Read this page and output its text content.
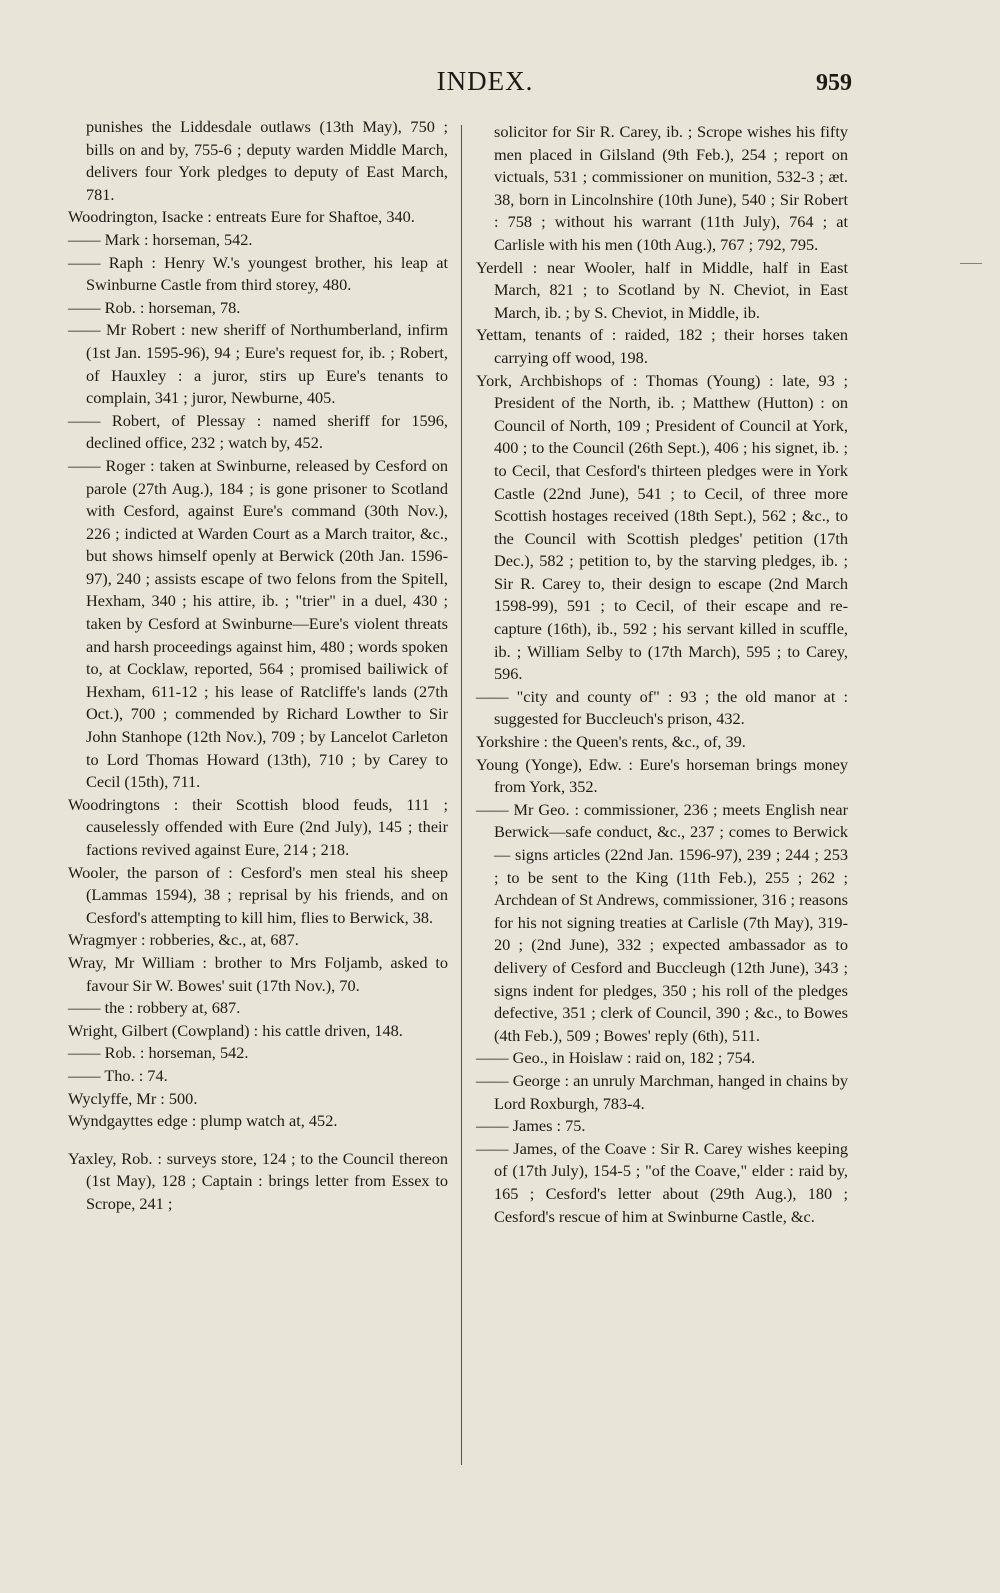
INDEX.	959
punishes the Liddesdale outlaws (13th May), 750 ; bills on and by, 755-6 ; deputy warden Middle March, delivers four York pledges to deputy of East March, 781.
Woodrington, Isacke : entreats Eure for Shaftoe, 340.
—— Mark : horseman, 542.
—— Raph : Henry W.'s youngest brother, his leap at Swinburne Castle from third storey, 480.
—— Rob. : horseman, 78.
—— Mr Robert : new sheriff of Northumberland, infirm (1st Jan. 1595-96), 94 ; Eure's request for, ib. ; Robert, of Hauxley : a juror, stirs up Eure's tenants to complain, 341 ; juror, Newburne, 405.
—— Robert, of Plessay : named sheriff for 1596, declined office, 232 ; watch by, 452.
—— Roger : taken at Swinburne, released by Cesford on parole (27th Aug.), 184 ; is gone prisoner to Scotland with Cesford, against Eure's command (30th Nov.), 226 ; indicted at Warden Court as a March traitor, &c., but shows himself openly at Berwick (20th Jan. 1596-97), 240 ; assists escape of two felons from the Spitell, Hexham, 340 ; his attire, ib. ; "trier" in a duel, 430 ; taken by Cesford at Swinburne—Eure's violent threats and harsh proceedings against him, 480 ; words spoken to, at Cocklaw, reported, 564 ; promised bailiwick of Hexham, 611-12 ; his lease of Ratcliffe's lands (27th Oct.), 700 ; commended by Richard Lowther to Sir John Stanhope (12th Nov.), 709 ; by Lancelot Carleton to Lord Thomas Howard (13th), 710 ; by Carey to Cecil (15th), 711.
Woodringtons : their Scottish blood feuds, 111 ; causelessly offended with Eure (2nd July), 145 ; their factions revived against Eure, 214 ; 218.
Wooler, the parson of : Cesford's men steal his sheep (Lammas 1594), 38 ; reprisal by his friends, and on Cesford's attempting to kill him, flies to Berwick, 38.
Wragmyer : robberies, &c., at, 687.
Wray, Mr William : brother to Mrs Foljamb, asked to favour Sir W. Bowes' suit (17th Nov.), 70.
—— the : robbery at, 687.
Wright, Gilbert (Cowpland) : his cattle driven, 148.
—— Rob. : horseman, 542.
—— Tho. : 74.
Wyclyffe, Mr : 500.
Wyndgayttes edge : plump watch at, 452.
Yaxley, Rob. : surveys store, 124 ; to the Council thereon (1st May), 128 ; Captain : brings letter from Essex to Scrope, 241 ;
solicitor for Sir R. Carey, ib. ; Scrope wishes his fifty men placed in Gilsland (9th Feb.), 254 ; report on victuals, 531 ; commissioner on munition, 532-3 ; æt. 38, born in Lincolnshire (10th June), 540 ; Sir Robert : 758 ; without his warrant (11th July), 764 ; at Carlisle with his men (10th Aug.), 767 ; 792, 795.
Yerdell : near Wooler, half in Middle, half in East March, 821 ; to Scotland by N. Cheviot, in East March, ib. ; by S. Cheviot, in Middle, ib.
Yettam, tenants of : raided, 182 ; their horses taken carrying off wood, 198.
York, Archbishops of : Thomas (Young) : late, 93 ; President of the North, ib. ; Matthew (Hutton) : on Council of North, 109 ; President of Council at York, 400 ; to the Council (26th Sept.), 406 ; his signet, ib. ; to Cecil, that Cesford's thirteen pledges were in York Castle (22nd June), 541 ; to Cecil, of three more Scottish hostages received (18th Sept.), 562 ; &c., to the Council with Scottish pledges' petition (17th Dec.), 582 ; petition to, by the starving pledges, ib. ; Sir R. Carey to, their design to escape (2nd March 1598-99), 591 ; to Cecil, of their escape and re-capture (16th), ib., 592 ; his servant killed in scuffle, ib. ; William Selby to (17th March), 595 ; to Carey, 596.
—— "city and county of" : 93 ; the old manor at : suggested for Buccleuch's prison, 432.
Yorkshire : the Queen's rents, &c., of, 39.
Young (Yonge), Edw. : Eure's horseman brings money from York, 352.
—— Mr Geo. : commissioner, 236 ; meets English near Berwick—safe conduct, &c., 237 ; comes to Berwick — signs articles (22nd Jan. 1596-97), 239 ; 244 ; 253 ; to be sent to the King (11th Feb.), 255 ; 262 ; Archdean of St Andrews, commissioner, 316 ; reasons for his not signing treaties at Carlisle (7th May), 319-20 ; (2nd June), 332 ; expected ambassador as to delivery of Cesford and Buccleugh (12th June), 343 ; signs indent for pledges, 350 ; his roll of the pledges defective, 351 ; clerk of Council, 390 ; &c., to Bowes (4th Feb.), 509 ; Bowes' reply (6th), 511.
—— Geo., in Hoislaw : raid on, 182 ; 754.
—— George : an unruly Marchman, hanged in chains by Lord Roxburgh, 783-4.
—— James : 75.
—— James, of the Coave : Sir R. Carey wishes keeping of (17th July), 154-5 ; "of the Coave," elder : raid by, 165 ; Cesford's letter about (29th Aug.), 180 ; Cesford's rescue of him at Swinburne Castle, &c.
